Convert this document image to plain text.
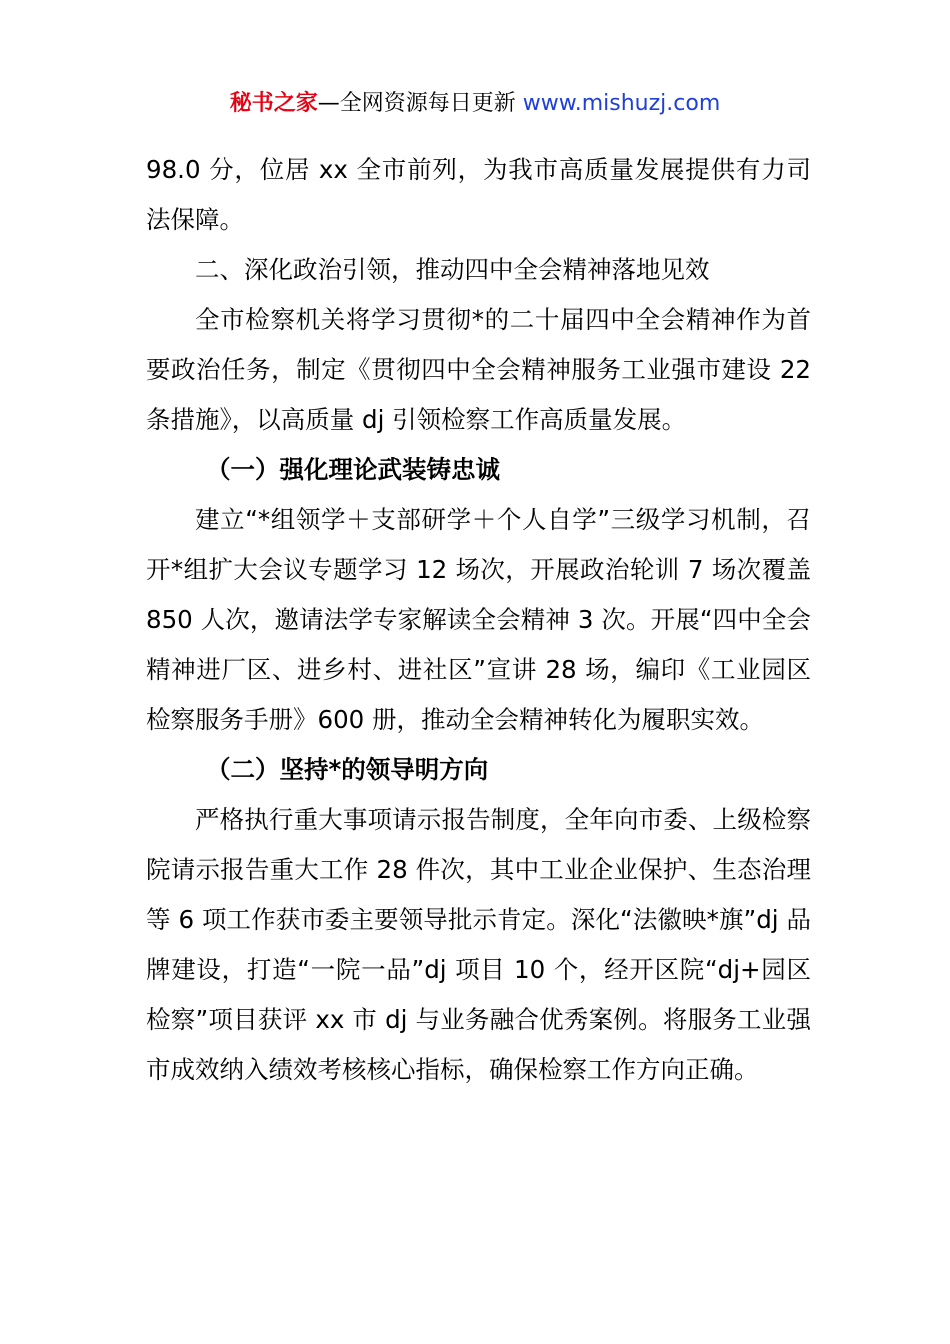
秘书之家—全网资源每日更新 www.mishuzj.com

98.0 分，位居 xx 全市前列，为我市高质量发展提供有力司法保障。

二、深化政治引领，推动四中全会精神落地见效

全市检察机关将学习贯彻*的二十届四中全会精神作为首要政治任务，制定《贯彻四中全会精神服务工业强市建设 22 条措施》，以高质量 dj 引领检察工作高质量发展。

（一）强化理论武装铸忠诚

建立“*组领学＋支部研学＋个人自学”三级学习机制，召开*组扩大会议专题学习 12 场次，开展政治轮训 7 场次覆盖 850 人次，邀请法学专家解读全会精神 3 次。开展“四中全会精神进厂区、进乡村、进社区”宣讲 28 场，编印《工业园区检察服务手册》600 册，推动全会精神转化为履职实效。

（二）坚持*的领导明方向

严格执行重大事项请示报告制度，全年向市委、上级检察院请示报告重大工作 28 件次，其中工业企业保护、生态治理等 6 项工作获市委主要领导批示肯定。深化“法徽映*旗”dj 品牌建设，打造“一院一品”dj 项目 10 个，经开区院“dj+园区检察”项目获评 xx 市 dj 与业务融合优秀案例。将服务工业强市成效纳入绩效考核核心指标，确保检察工作方向正确。
